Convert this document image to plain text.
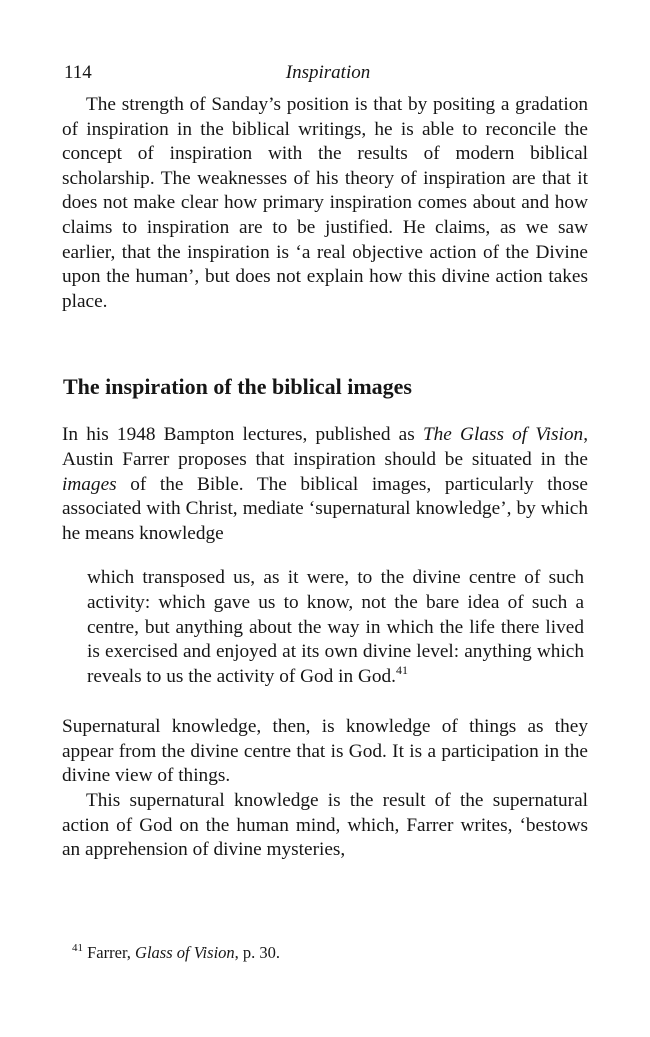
114	Inspiration

The strength of Sanday’s position is that by positing a gradation of inspiration in the biblical writings, he is able to reconcile the concept of inspiration with the results of modern biblical scholarship. The weaknesses of his theory of inspiration are that it does not make clear how primary inspiration comes about and how claims to inspiration are to be justified. He claims, as we saw earlier, that the inspiration is ‘a real objective action of the Divine upon the human’, but does not explain how this divine action takes place.

The inspiration of the biblical images

In his 1948 Bampton lectures, published as The Glass of Vision, Austin Farrer proposes that inspiration should be situated in the images of the Bible. The biblical images, particularly those associated with Christ, mediate ‘supernatural knowledge’, by which he means knowledge

which transposed us, as it were, to the divine centre of such activity: which gave us to know, not the bare idea of such a centre, but anything about the way in which the life there lived is exercised and enjoyed at its own divine level: anything which reveals to us the activity of God in God.$^{41}$

Supernatural knowledge, then, is knowledge of things as they appear from the divine centre that is God. It is a participation in the divine view of things.

This supernatural knowledge is the result of the supernatural action of God on the human mind, which, Farrer writes, ‘bestows an apprehension of divine mysteries,

$^{41}$ Farrer, Glass of Vision, p. 30.
